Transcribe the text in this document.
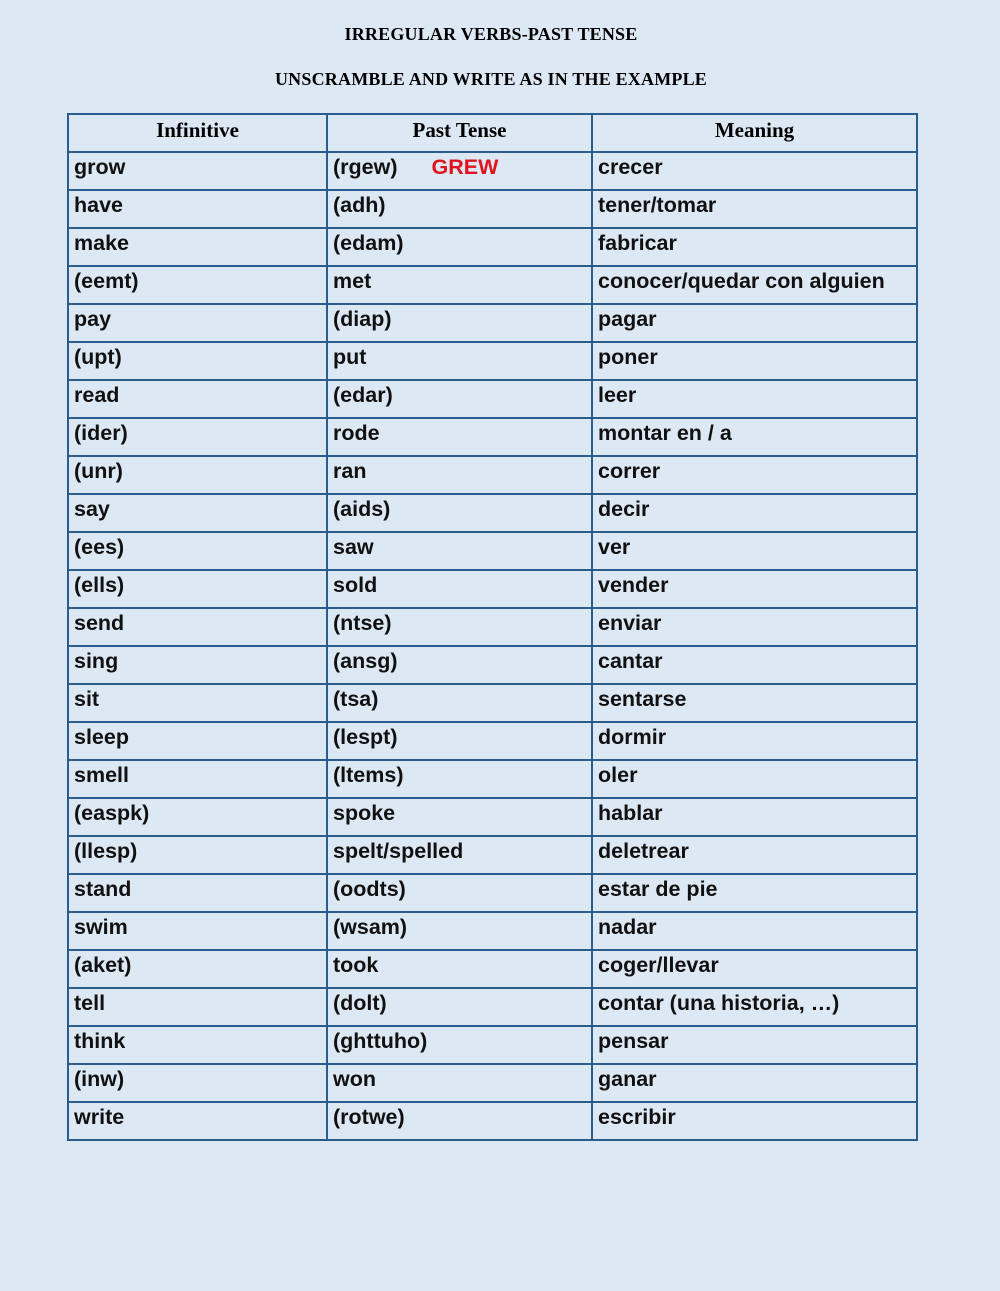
IRREGULAR VERBS-PAST TENSE
UNSCRAMBLE AND WRITE AS IN THE EXAMPLE
Infinitive	Past Tense	Meaning
grow	(rgew) GREW	crecer
have	(adh)	tener/tomar
make	(edam)	fabricar
(eemt)	met	conocer/quedar con alguien
pay	(diap)	pagar
(upt)	put	poner
read	(edar)	leer
(ider)	rode	montar en / a
(unr)	ran	correr
say	(aids)	decir
(ees)	saw	ver
(ells)	sold	vender
send	(ntse)	enviar
sing	(ansg)	cantar
sit	(tsa)	sentarse
sleep	(lespt)	dormir
smell	(ltems)	oler
(easpk)	spoke	hablar
(llesp)	spelt/spelled	deletrear
stand	(oodts)	estar de pie
swim	(wsam)	nadar
(aket)	took	coger/llevar
tell	(dolt)	contar (una historia, …)
think	(ghttuho)	pensar
(inw)	won	ganar
write	(rotwe)	escribir
